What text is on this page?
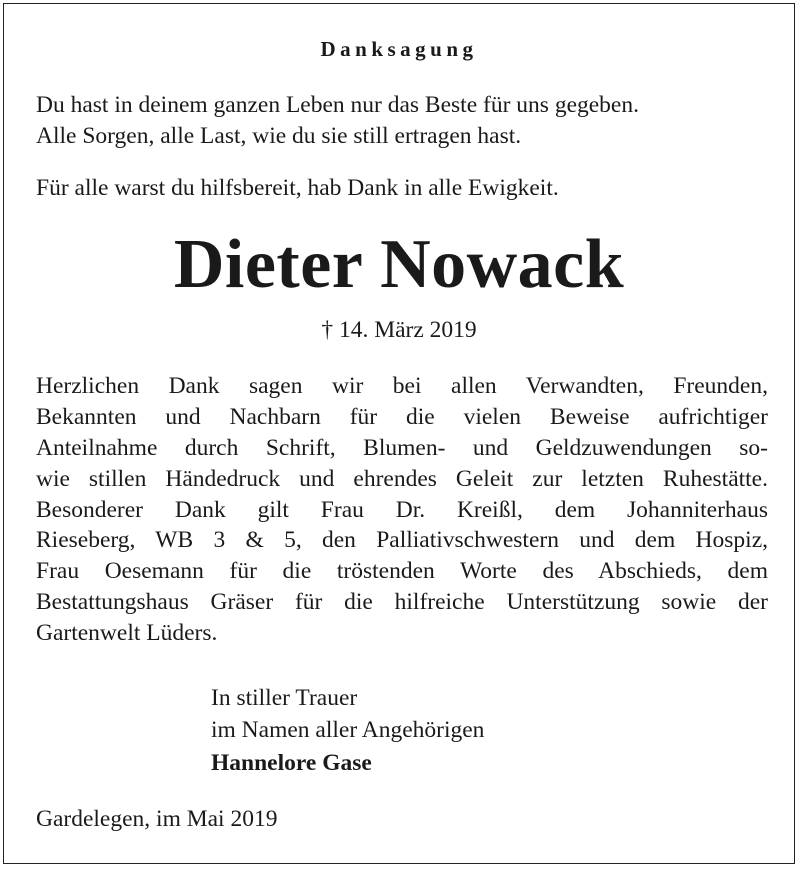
Danksagung
Du hast in deinem ganzen Leben nur das Beste für uns gegeben.
Alle Sorgen, alle Last, wie du sie still ertragen hast.
Für alle warst du hilfsbereit, hab Dank in alle Ewigkeit.
Dieter Nowack
† 14. März 2019
Herzlichen Dank sagen wir bei allen Verwandten, Freunden,
Bekannten und Nachbarn für die vielen Beweise aufrichtiger
Anteilnahme durch Schrift, Blumen- und Geldzuwendungen so-
wie stillen Händedruck und ehrendes Geleit zur letzten Ruhestätte.
Besonderer Dank gilt Frau Dr. Kreißl, dem Johanniterhaus
Rieseberg, WB 3 & 5, den Palliativschwestern und dem Hospiz,
Frau Oesemann für die tröstenden Worte des Abschieds, dem
Bestattungshaus Gräser für die hilfreiche Unterstützung sowie der
Gartenwelt Lüders.
In stiller Trauer
im Namen aller Angehörigen
Hannelore Gase
Gardelegen, im Mai 2019
